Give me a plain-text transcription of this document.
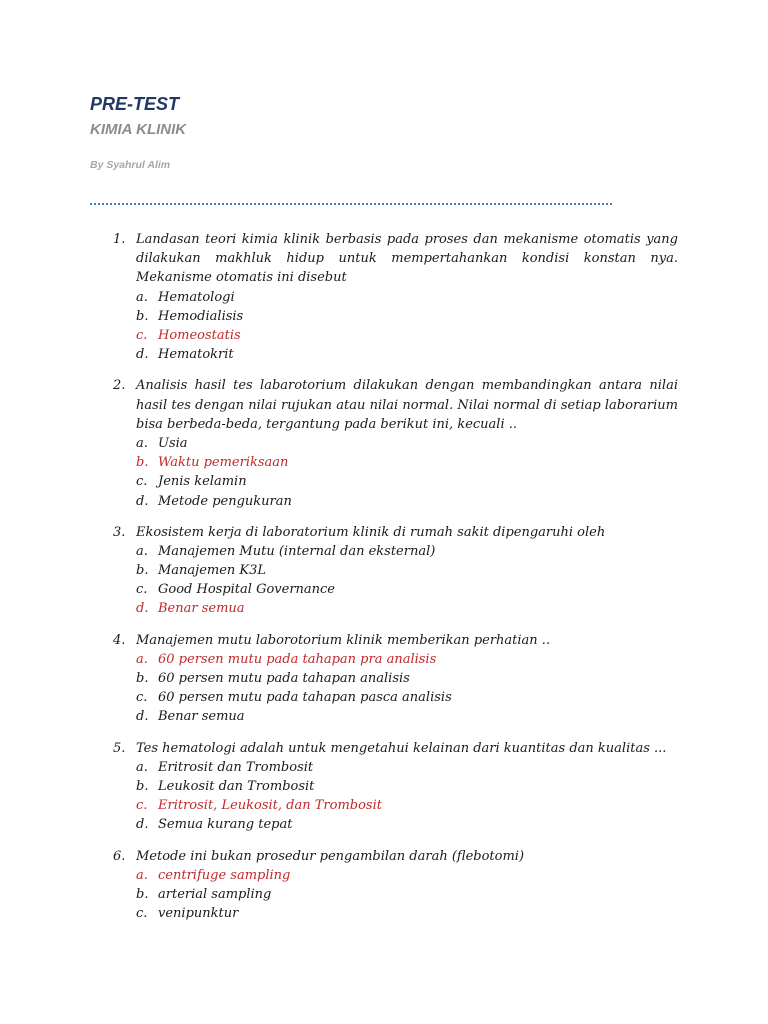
PRE-TEST
KIMIA KLINIK
By Syahrul Alim
1. Landasan teori kimia klinik berbasis pada proses dan mekanisme otomatis yang dilakukan makhluk hidup untuk mempertahankan kondisi konstan nya. Mekanisme otomatis ini disebut
a. Hematologi
b. Hemodialisis
c. Homeostatis
d. Hematokrit
2. Analisis hasil tes labarotorium dilakukan dengan membandingkan antara nilai hasil tes dengan nilai rujukan atau nilai normal. Nilai normal di setiap laborarium bisa berbeda-beda, tergantung pada berikut ini, kecuali ..
a. Usia
b. Waktu pemeriksaan
c. Jenis kelamin
d. Metode pengukuran
3. Ekosistem kerja di laboratorium klinik di rumah sakit dipengaruhi oleh
a. Manajemen Mutu (internal dan eksternal)
b. Manajemen K3L
c. Good Hospital Governance
d. Benar semua
4. Manajemen mutu laborotorium klinik memberikan perhatian ..
a. 60 persen mutu pada tahapan pra analisis
b. 60 persen mutu pada tahapan analisis
c. 60 persen mutu pada tahapan pasca analisis
d. Benar semua
5. Tes hematologi adalah untuk mengetahui kelainan dari kuantitas dan kualitas ...
a. Eritrosit dan Trombosit
b. Leukosit dan Trombosit
c. Eritrosit, Leukosit, dan Trombosit
d. Semua kurang tepat
6. Metode ini bukan prosedur pengambilan darah (flebotomi)
a. centrifuge sampling
b. arterial sampling
c. venipunktur
